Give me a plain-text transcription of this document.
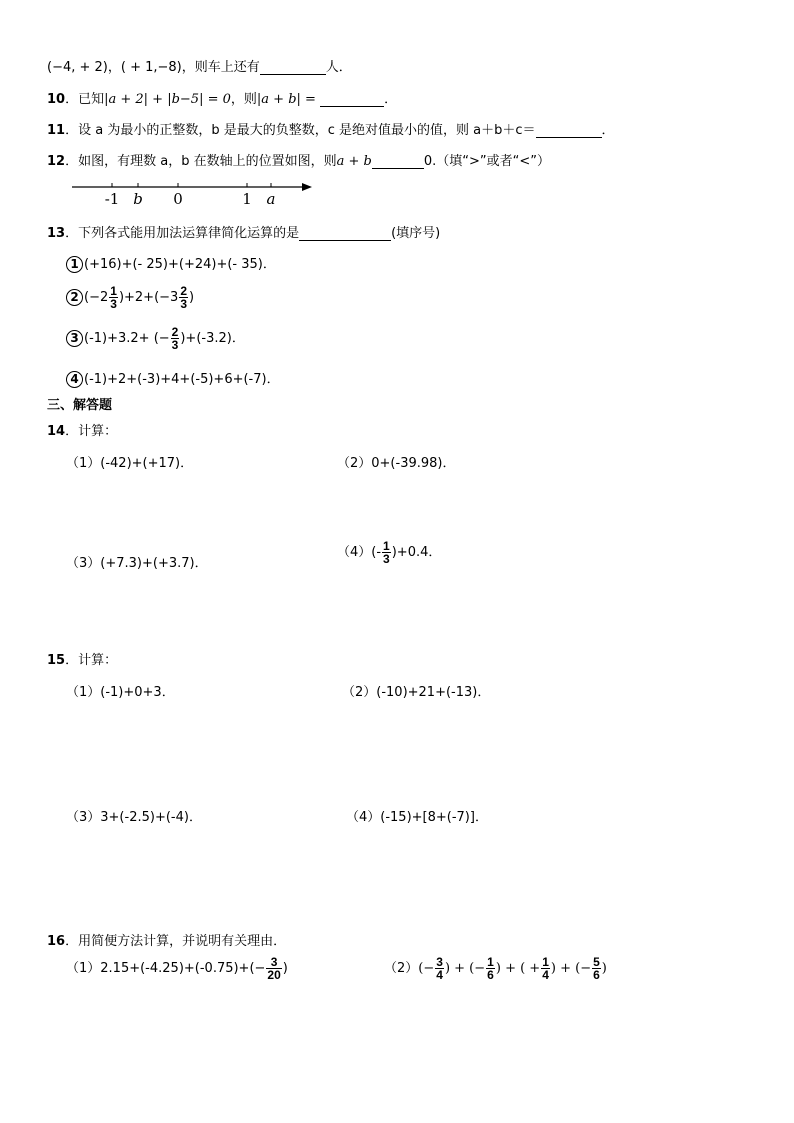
(−4, + 2)，( + 1,−8)，则车上还有	人．
10．已知|a + 2| + |b−5| = 0，则|a + b| =	．
11．设 a 为最小的正整数，b 是最大的负整数，c 是绝对值最小的值，则 a＋b＋c＝	．
12．如图，有理数 a，b 在数轴上的位置如图，则a + b	0.（填“>”或者“<”）
-1 b 0	1 a
13．下列各式能用加法运算律简化运算的是	(填序号)
1 (+16)+(- 25)+(+24)+(- 35)．
2 $(-2 \frac{1}{3} )+2+(-3 \frac{2}{3}$ )
3 (-1)+3.2+ (− $\frac{2}{3} )+(-3.2)$．
4 (-1)+2+(-3)+4+(-5)+6+(-7)．
三、解答题
14．计算：
（1）(-42)+(+17)．	（2）0+(-39.98)．
（3）(+7.3)+(+3.7)．
$(4)(- \frac{1}{3} )+0.4$．
15．计算：
（1）(-1)+0+3．	（2）(-10)+21+(-13)．
（3）3+(-2.5)+(-4)．	（4）(-15)+[8+(-7)]．
16．用简便方法计算，并说明有关理由．
$(1)2.15+(-4.25)+(-0.75)+(- \frac{3}{20}$ )	$(2)(- \frac{3}{4}$ ) + (− $\frac{1}{6}$ ) + ( + $\frac{1}{4}$ ) + (− $\frac{5}{6}$ )
